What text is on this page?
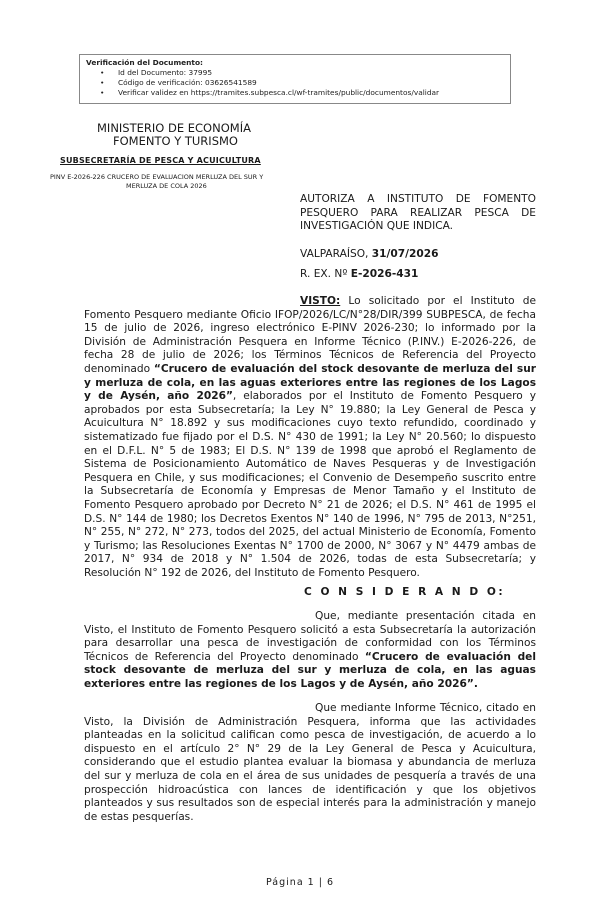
Verificación del Documento:
• Id del Documento: 37995
• Código de verificación: 03626541589
• Verificar validez en https://tramites.subpesca.cl/wf-tramites/public/documentos/validar
MINISTERIO DE ECONOMÍA
FOMENTO Y TURISMO
SUBSECRETARÍA DE PESCA Y ACUICULTURA
PINV E-2026-226 CRUCERO DE EVALUACION MERLUZA DEL SUR Y
MERLUZA DE COLA 2026
AUTORIZA A INSTITUTO DE FOMENTO
PESQUERO PARA REALIZAR PESCA DE
INVESTIGACIÓN QUE INDICA.
VALPARAÍSO, 31/07/2026
R. EX. Nº E-2026-431
VISTO: Lo solicitado por el Instituto de Fomento Pesquero mediante Oficio IFOP/2026/LC/N°28/DIR/399 SUBPESCA, de fecha 15 de julio de 2026, ingreso electrónico E-PINV 2026-230; lo informado por la División de Administración Pesquera en Informe Técnico (P.INV.) E-2026-226, de fecha 28 de julio de 2026; los Términos Técnicos de Referencia del Proyecto denominado “Crucero de evaluación del stock desovante de merluza del sur y merluza de cola, en las aguas exteriores entre las regiones de los Lagos y de Aysén, año 2026”, elaborados por el Instituto de Fomento Pesquero y aprobados por esta Subsecretaría; la Ley N° 19.880; la Ley General de Pesca y Acuicultura N° 18.892 y sus modificaciones cuyo texto refundido, coordinado y sistematizado fue fijado por el D.S. N° 430 de 1991; la Ley N° 20.560; lo dispuesto en el D.F.L. N° 5 de 1983; El D.S. N° 139 de 1998 que aprobó el Reglamento de Sistema de Posicionamiento Automático de Naves Pesqueras y de Investigación Pesquera en Chile, y sus modificaciones; el Convenio de Desempeño suscrito entre la Subsecretaría de Economía y Empresas de Menor Tamaño y el Instituto de Fomento Pesquero aprobado por Decreto N° 21 de 2026; el D.S. N° 461 de 1995 el D.S. N° 144 de 1980; los Decretos Exentos N° 140 de 1996, N° 795 de 2013, N°251, N° 255, N° 272, N° 273, todos del 2025, del actual Ministerio de Economía, Fomento y Turismo; las Resoluciones Exentas N° 1700 de 2000, N° 3067 y N° 4479 ambas de 2017, N° 934 de 2018 y N° 1.504 de 2026, todas de esta Subsecretaría; y Resolución N° 192 de 2026, del Instituto de Fomento Pesquero.
C O N S I D E R A N D O:
Que, mediante presentación citada en Visto, el Instituto de Fomento Pesquero solicitó a esta Subsecretaría la autorización para desarrollar una pesca de investigación de conformidad con los Términos Técnicos de Referencia del Proyecto denominado “Crucero de evaluación del stock desovante de merluza del sur y merluza de cola, en las aguas exteriores entre las regiones de los Lagos y de Aysén, año 2026”.
Que mediante Informe Técnico, citado en Visto, la División de Administración Pesquera, informa que las actividades planteadas en la solicitud califican como pesca de investigación, de acuerdo a lo dispuesto en el artículo 2° N° 29 de la Ley General de Pesca y Acuicultura, considerando que el estudio plantea evaluar la biomasa y abundancia de merluza del sur y merluza de cola en el área de sus unidades de pesquería a través de una prospección hidroacústica con lances de identificación y que los objetivos planteados y sus resultados son de especial interés para la administración y manejo de estas pesquerías.
Página 1 | 6
